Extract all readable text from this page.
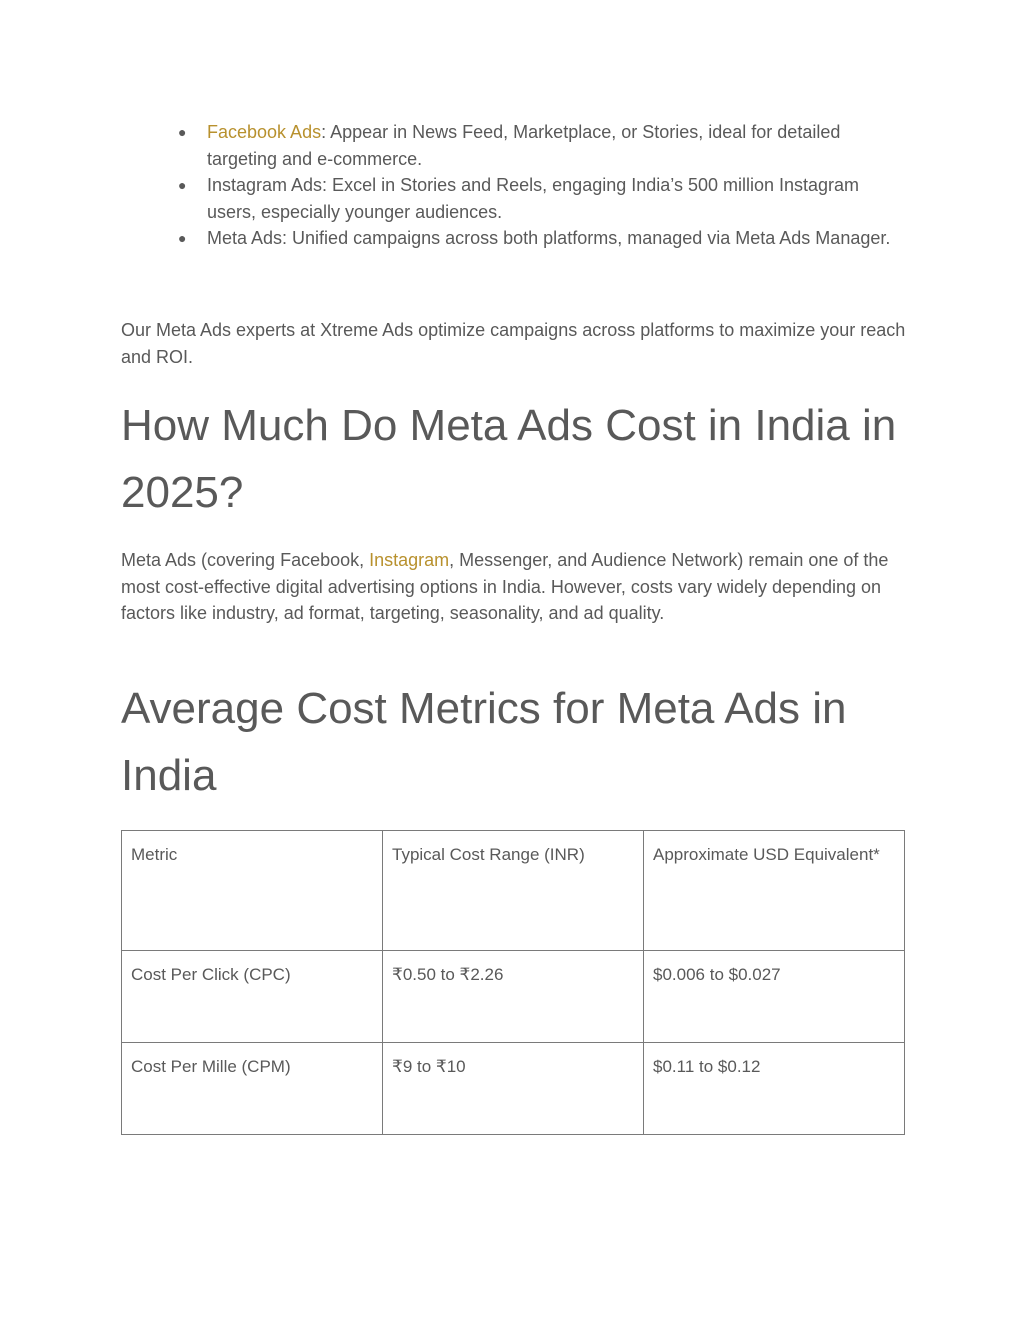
● Facebook Ads: Appear in News Feed, Marketplace, or Stories, ideal for detailed targeting and e-commerce.
● Instagram Ads: Excel in Stories and Reels, engaging India’s 500 million Instagram users, especially younger audiences.
● Meta Ads: Unified campaigns across both platforms, managed via Meta Ads Manager.

Our Meta Ads experts at Xtreme Ads optimize campaigns across platforms to maximize your reach and ROI.

How Much Do Meta Ads Cost in India in 2025?

Meta Ads (covering Facebook, Instagram, Messenger, and Audience Network) remain one of the most cost-effective digital advertising options in India. However, costs vary widely depending on factors like industry, ad format, targeting, seasonality, and ad quality.

Average Cost Metrics for Meta Ads in India
Metric	Typical Cost Range (INR)	Approximate USD Equivalent*
Cost Per Click (CPC)	₹0.50 to ₹2.26	$0.006 to $0.027
Cost Per Mille (CPM)	₹9 to ₹10	$0.11 to $0.12
